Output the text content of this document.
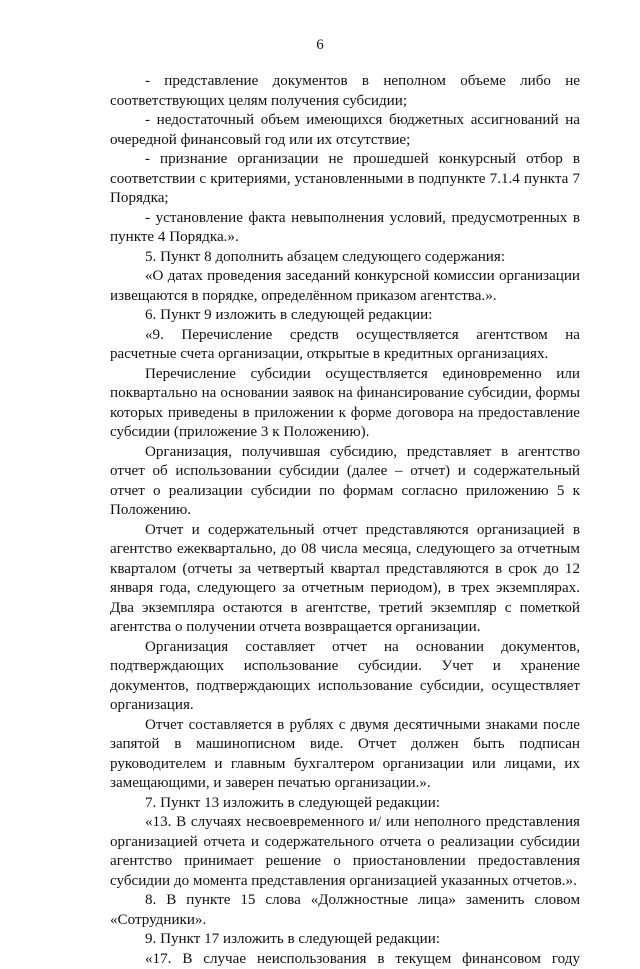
6

- представление документов в неполном объеме либо не соответствующих целям получения субсидии;

- недостаточный объем имеющихся бюджетных ассигнований на очередной финансовый год или их отсутствие;

- признание организации не прошедшей конкурсный отбор в соответствии с критериями, установленными в подпункте 7.1.4 пункта 7 Порядка;

- установление факта невыполнения условий, предусмотренных в пункте 4 Порядка.».

5. Пункт 8 дополнить абзацем следующего содержания:

«О датах проведения заседаний конкурсной комиссии организации извещаются в порядке, определённом приказом агентства.».

6. Пункт 9 изложить в следующей редакции:

«9. Перечисление средств осуществляется агентством на расчетные счета организации, открытые в кредитных организациях.

Перечисление субсидии осуществляется единовременно или поквартально на основании заявок на финансирование субсидии, формы которых приведены в приложении к форме договора на предоставление субсидии (приложение 3 к Положению).

Организация, получившая субсидию, представляет в агентство отчет об использовании субсидии (далее – отчет) и содержательный отчет о реализации субсидии по формам согласно приложению 5 к Положению.

Отчет и содержательный отчет представляются организацией в агентство ежеквартально, до 08 числа месяца, следующего за отчетным кварталом (отчеты за четвертый квартал представляются в срок до 12 января года, следующего за отчетным периодом), в трех экземплярах. Два экземпляра остаются в агентстве, третий экземпляр с пометкой агентства о получении отчета возвращается организации.

Организация составляет отчет на основании документов, подтверждающих использование субсидии. Учет и хранение документов, подтверждающих использование субсидии, осуществляет организация.

Отчет составляется в рублях с двумя десятичными знаками после запятой в машинописном виде. Отчет должен быть подписан руководителем и главным бухгалтером организации или лицами, их замещающими, и заверен печатью организации.».

7. Пункт 13 изложить в следующей редакции:

«13. В случаях несвоевременного и/ или неполного представления организацией отчета и содержательного отчета о реализации субсидии агентство принимает решение о приостановлении предоставления субсидии до момента представления организацией указанных отчетов.».

8. В пункте 15 слова «Должностные лица» заменить словом «Сотрудники».

9. Пункт 17 изложить в следующей редакции:

«17. В случае неиспользования в текущем финансовом году
